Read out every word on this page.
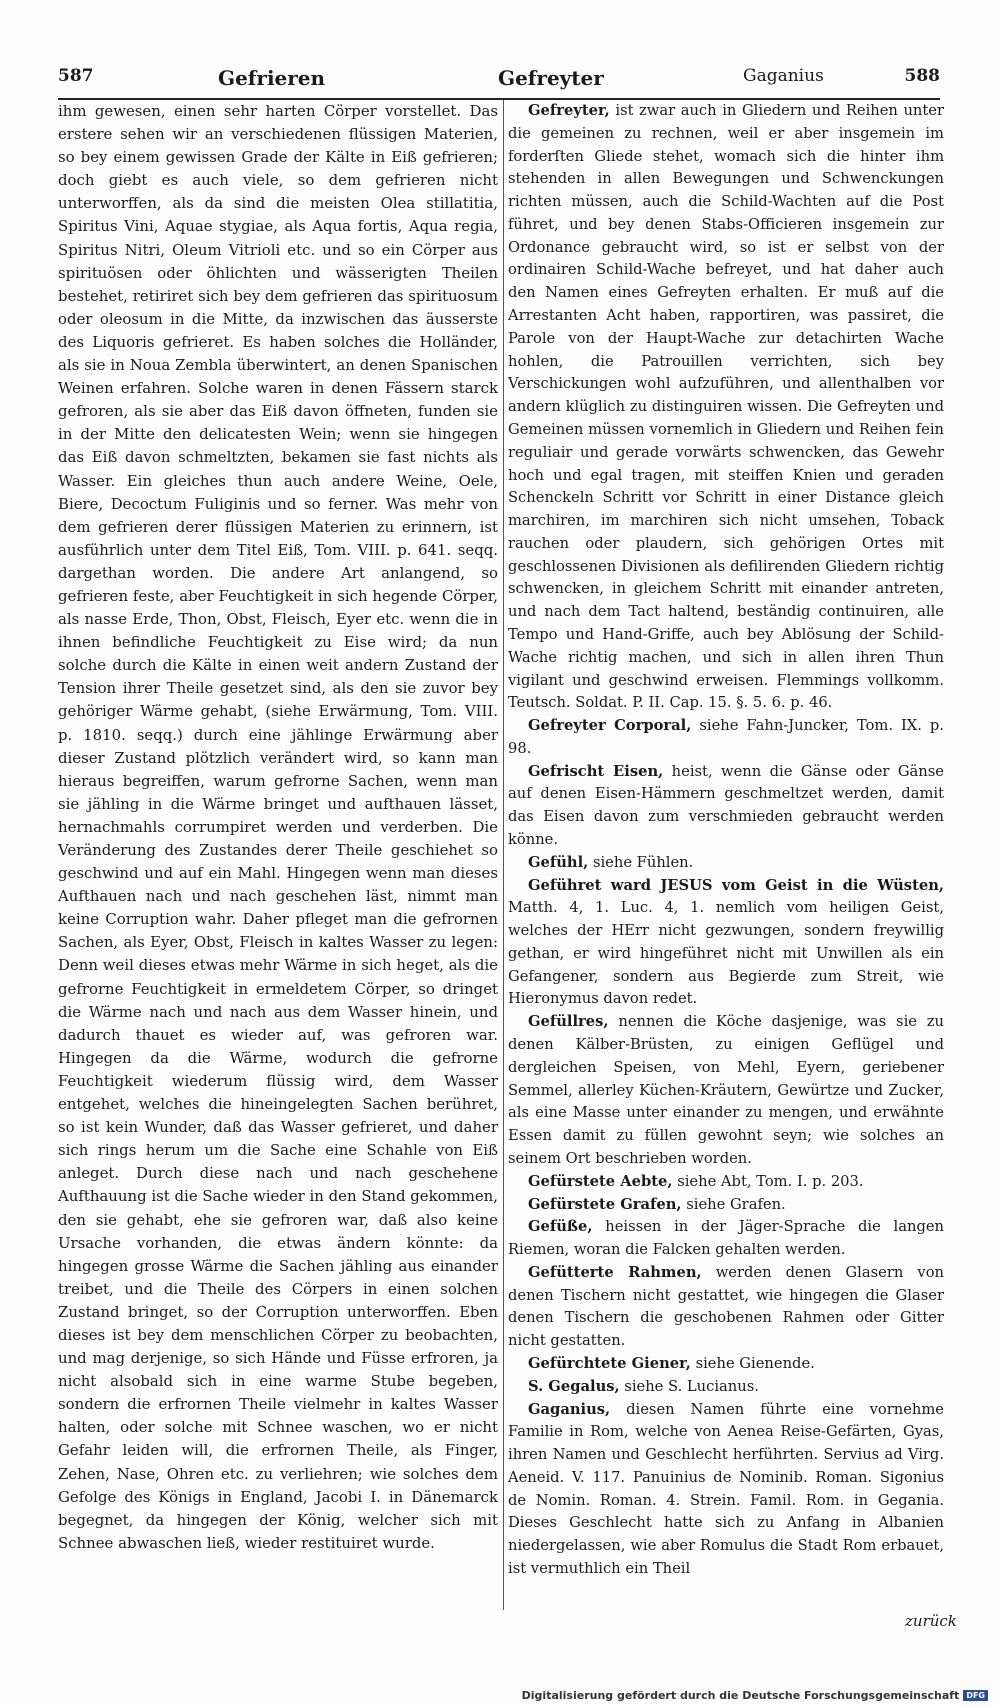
587	Gefrieren	Gefreyter	Gaganius	588

ihm gewesen, einen sehr harten Cörper vorstellet. Das erstere sehen wir an verschiedenen flüssigen Materien, so bey einem gewissen Grade der Kälte in Eiß gefrieren; doch giebt es auch viele, so dem gefrieren nicht unterworffen, als da sind die meisten Olea stillatitia, Spiritus Vini, Aquae stygiae, als Aqua fortis, Aqua regia, Spiritus Nitri, Oleum Vitrioli etc. und so ein Cörper aus spirituösen oder öhlichten und wässerigten Theilen bestehet, retiriret sich bey dem gefrieren das spirituosum oder oleosum in die Mitte, da inzwischen das äusserste des Liquoris gefrieret. Es haben solches die Holländer, als sie in Noua Zembla überwintert, an denen Spanischen Weinen erfahren. Solche waren in denen Fässern starck gefroren, als sie aber das Eiß davon öffneten, funden sie in der Mitte den delicatesten Wein; wenn sie hingegen das Eiß davon schmeltzten, bekamen sie fast nichts als Wasser. Ein gleiches thun auch andere Weine, Oele, Biere, Decoctum Fuliginis und so ferner. Was mehr von dem gefrieren derer flüssigen Materien zu erinnern, ist ausführlich unter dem Titel Eiß, Tom. VIII. p. 641. seqq. dargethan worden. Die andere Art anlangend, so gefrieren feste, aber Feuchtigkeit in sich hegende Cörper, als nasse Erde, Thon, Obst, Fleisch, Eyer etc. wenn die in ihnen befindliche Feuchtigkeit zu Eise wird; da nun solche durch die Kälte in einen weit andern Zustand der Tension ihrer Theile gesetzet sind, als den sie zuvor bey gehöriger Wärme gehabt, (siehe Erwärmung, Tom. VIII. p. 1810. seqq.) durch eine jählinge Erwärmung aber dieser Zustand plötzlich verändert wird, so kann man hieraus begreiffen, warum gefrorne Sachen, wenn man sie jähling in die Wärme bringet und aufthauen lässet, hernachmahls corrumpiret werden und verderben. Die Veränderung des Zustandes derer Theile geschiehet so geschwind und auf ein Mahl. Hingegen wenn man dieses Aufthauen nach und nach geschehen läst, nimmt man keine Corruption wahr. Daher pfleget man die gefrornen Sachen, als Eyer, Obst, Fleisch in kaltes Wasser zu legen: Denn weil dieses etwas mehr Wärme in sich heget, als die gefrorne Feuchtigkeit in ermeldetem Cörper, so dringet die Wärme nach und nach aus dem Wasser hinein, und dadurch thauet es wieder auf, was gefroren war. Hingegen da die Wärme, wodurch die gefrorne Feuchtigkeit wiederum flüssig wird, dem Wasser entgehet, welches die hineingelegten Sachen berühret, so ist kein Wunder, daß das Wasser gefrieret, und daher sich rings herum um die Sache eine Schahle von Eiß anleget. Durch diese nach und nach geschehene Aufthauung ist die Sache wieder in den Stand gekommen, den sie gehabt, ehe sie gefroren war, daß also keine Ursache vorhanden, die etwas ändern könnte: da hingegen grosse Wärme die Sachen jähling aus einander treibet, und die Theile des Cörpers in einen solchen Zustand bringet, so der Corruption unterworffen. Eben dieses ist bey dem menschlichen Cörper zu beobachten, und mag derjenige, so sich Hände und Füsse erfroren, ja nicht alsobald sich in eine warme Stube begeben, sondern die erfrornen Theile vielmehr in kaltes Wasser halten, oder solche mit Schnee waschen, wo er nicht Gefahr leiden will, die erfrornen Theile, als Finger, Zehen, Nase, Ohren etc. zu verliehren; wie solches dem Gefolge des Königs in England, Jacobi I. in Dänemarck begegnet, da hingegen der König, welcher sich mit Schnee abwaschen ließ, wieder restituiret wurde.

Gefreyter, ist zwar auch in Gliedern und Reihen unter die gemeinen zu rechnen, weil er aber insgemein im forderſten Gliede stehet, womach sich die hinter ihm stehenden in allen Bewegungen und Schwenckungen richten müssen, auch die Schild-Wachten auf die Post führet, und bey denen Stabs-Officieren insgemein zur Ordonance gebraucht wird, so ist er selbst von der ordinairen Schild-Wache befreyet, und hat daher auch den Namen eines Gefreyten erhalten. Er muß auf die Arrestanten Acht haben, rapportiren, was passiret, die Parole von der Haupt-Wache zur detachirten Wache hohlen, die Patrouillen verrichten, sich bey Verschickungen wohl aufzuführen, und allenthalben vor andern klüglich zu distinguiren wissen. Die Gefreyten und Gemeinen müssen vornemlich in Gliedern und Reihen fein reguliair und gerade vorwärts schwencken, das Gewehr hoch und egal tragen, mit steiffen Knien und geraden Schenckeln Schritt vor Schritt in einer Distance gleich marchiren, im marchiren sich nicht umsehen, Toback rauchen oder plaudern, sich gehörigen Ortes mit geschlossenen Divisionen als defilirenden Gliedern richtig schwencken, in gleichem Schritt mit einander antreten, und nach dem Tact haltend, beständig continuiren, alle Tempo und Hand-Griffe, auch bey Ablösung der Schild-Wache richtig machen, und sich in allen ihren Thun vigilant und geschwind erweisen. Flemmings vollkomm. Teutsch. Soldat. P. II. Cap. 15. §. 5. 6. p. 46.

Gefreyter Corporal, siehe Fahn-Juncker, Tom. IX. p. 98.

Gefrischt Eisen, heist, wenn die Gänse oder Gänse auf denen Eisen-Hämmern geschmeltzet werden, damit das Eisen davon zum verschmieden gebraucht werden könne.

Gefühl, siehe Fühlen.

Geführet ward JESUS vom Geist in die Wüsten, Matth. 4, 1. Luc. 4, 1. nemlich vom heiligen Geist, welches der HErr nicht gezwungen, sondern freywillig gethan, er wird hingeführet nicht mit Unwillen als ein Gefangener, sondern aus Begierde zum Streit, wie Hieronymus davon redet.

Gefüllres, nennen die Köche dasjenige, was sie zu denen Kälber-Brüsten, zu einigen Geflügel und dergleichen Speisen, von Mehl, Eyern, geriebener Semmel, allerley Küchen-Kräutern, Gewürtze und Zucker, als eine Masse unter einander zu mengen, und erwähnte Essen damit zu füllen gewohnt seyn; wie solches an seinem Ort beschrieben worden.

Gefürstete Aebte, siehe Abt, Tom. I. p. 203.

Gefürstete Grafen, siehe Grafen.

Gefüße, heissen in der Jäger-Sprache die langen Riemen, woran die Falcken gehalten werden.

Gefütterte Rahmen, werden denen Glasern von denen Tischern nicht gestattet, wie hingegen die Glaser denen Tischern die geschobenen Rahmen oder Gitter nicht gestatten.

Gefürchtete Giener, siehe Gienende.

S. Gegalus, siehe S. Lucianus.

Gaganius, diesen Namen führte eine vornehme Familie in Rom, welche von Aenea Reise-Gefärten, Gyas, ihren Namen und Geschlecht herführten. Servius ad Virg. Aeneid. V. 117. Panuinius de Nominib. Roman. Sigonius de Nomin. Roman. 4. Strein. Famil. Rom. in Gegania. Dieses Geschlecht hatte sich zu Anfang in Albanien niedergelassen, wie aber Romulus die Stadt Rom erbauet, ist vermuthlich ein Theil

zurück
Digitalisierung gefördert durch die Deutsche Forschungsgemeinschaft DFG
